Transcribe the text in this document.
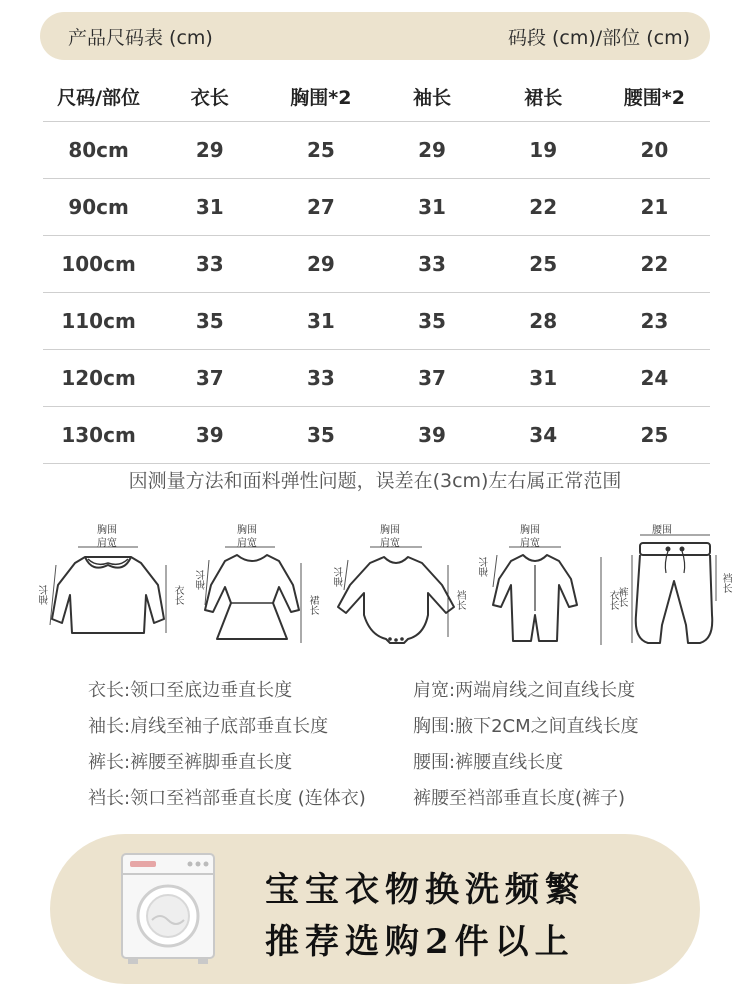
产品尺码表 (cm)	码段 (cm)/部位 (cm)
尺码/部位	衣长	胸围*2	袖长	裙长	腰围*2
80cm	29	25	29	19	20
90cm	31	27	31	22	21
100cm	33	29	33	25	22
110cm	35	31	35	28	23
120cm	37	33	37	31	24
130cm	39	35	39	34	25
因测量方法和面料弹性问题，误差在(3cm)左右属正常范围
胸围
肩宽
袖长	衣长
胸围
肩宽
袖长
裙长
胸围
肩宽
袖长
裆长
胸围
肩宽
袖长
衣长
腰围
裤长
裆长
衣长:领口至底边垂直长度	肩宽:两端肩线之间直线长度
袖长:肩线至袖子底部垂直长度	胸围:腋下2CM之间直线长度
裤长:裤腰至裤脚垂直长度	腰围:裤腰直线长度
裆长:领口至裆部垂直长度 (连体衣)	裤腰至裆部垂直长度(裤子)
宝宝衣物换洗频繁
推荐选购2件以上
